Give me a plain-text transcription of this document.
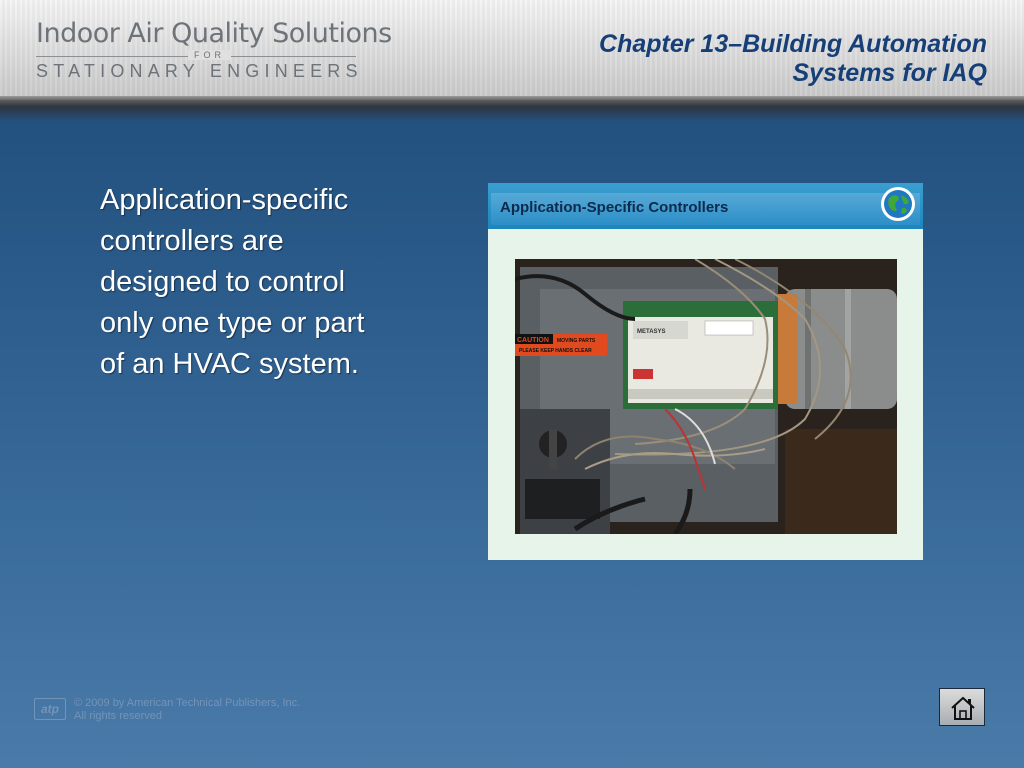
Indoor Air Quality Solutions
FOR
STATIONARY ENGINEERS
Chapter 13–Building Automation
Systems for IAQ
Application-specific
controllers are
designed to control
only one type or part
of an HVAC system.
Application-Specific Controllers
CAUTION MOVING PARTS
PLEASE KEEP HANDS CLEAR
METASYS
atp	© 2009 by American Technical Publishers, Inc.
All rights reserved
